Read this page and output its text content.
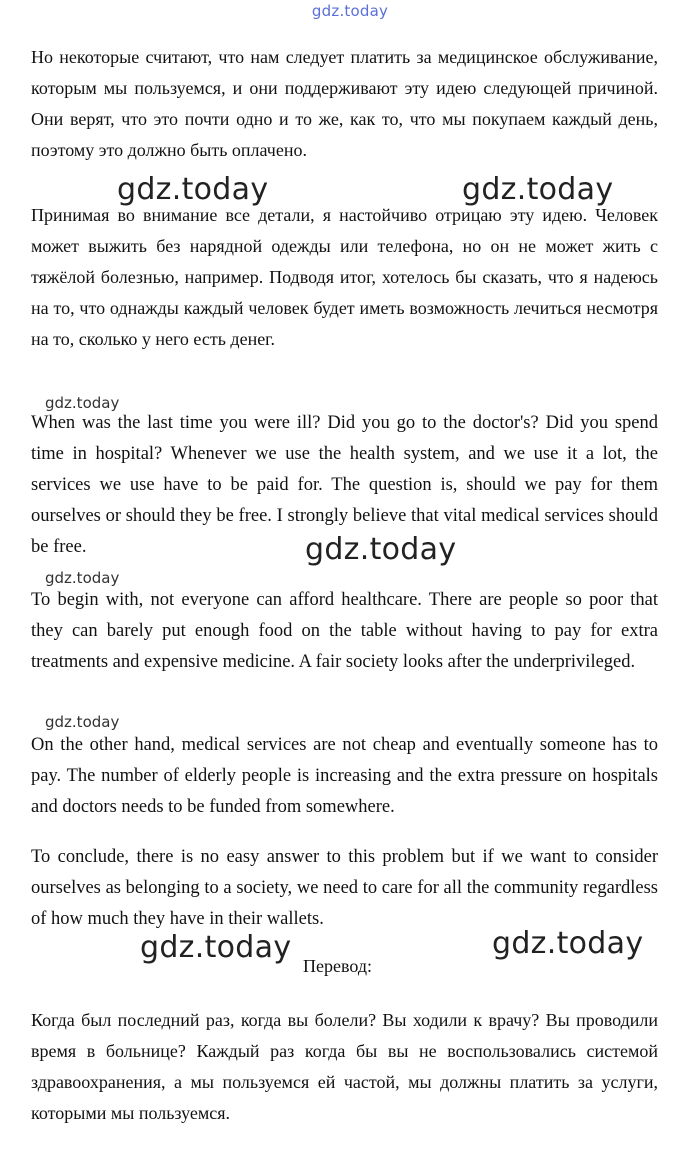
gdz.today

Но некоторые считают, что нам следует платить за медицинское обслуживание, которым мы пользуемся, и они поддерживают эту идею следующей причиной. Они верят, что это почти одно и то же, как то, что мы покупаем каждый день, поэтому это должно быть оплачено.

gdz.today	gdz.today

Принимая во внимание все детали, я настойчиво отрицаю эту идею. Человек может выжить без нарядной одежды или телефона, но он не может жить с тяжёлой болезнью, например. Подводя итог, хотелось бы сказать, что я надеюсь на то, что однажды каждый человек будет иметь возможность лечиться несмотря на то, сколько у него есть денег.

gdz.today

When was the last time you were ill? Did you go to the doctor's? Did you spend time in hospital? Whenever we use the health system, and we use it a lot, the services we use have to be paid for. The question is, should we pay for them ourselves or should they be free. I strongly believe that vital medical services should be free.	gdz.today
gdz.today

To begin with, not everyone can afford healthcare. There are people so poor that they can barely put enough food on the table without having to pay for extra treatments and expensive medicine. A fair society looks after the underprivileged.

gdz.today

On the other hand, medical services are not cheap and eventually someone has to pay. The number of elderly people is increasing and the extra pressure on hospitals and doctors needs to be funded from somewhere.

To conclude, there is no easy answer to this problem but if we want to consider ourselves as belonging to a society, we need to care for all the community regardless of how much they have in their wallets.

gdz.today
Перевод:
gdz.today

Когда был последний раз, когда вы болели? Вы ходили к врачу? Вы проводили время в больнице? Каждый раз когда бы вы не воспользовались системой здравоохранения, а мы пользуемся ей частой, мы должны платить за услуги, которыми мы пользуемся.
